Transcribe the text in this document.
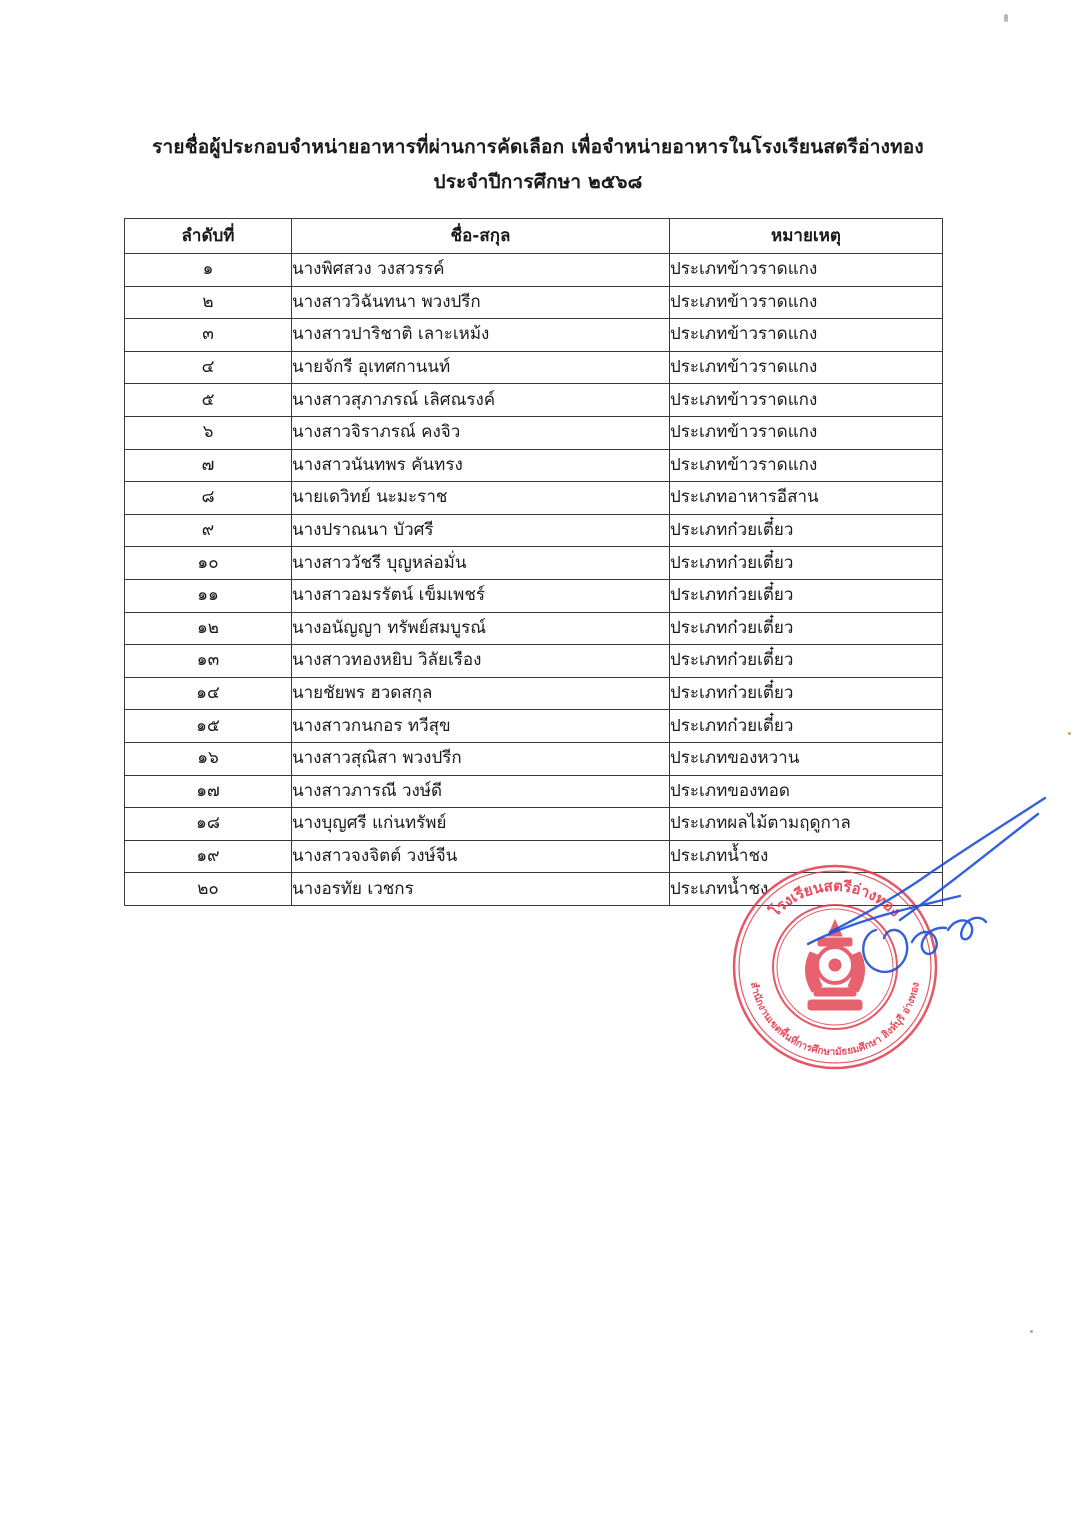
รายชื่อผู้ประกอบจำหน่ายอาหารที่ผ่านการคัดเลือก เพื่อจำหน่ายอาหารในโรงเรียนสตรีอ่างทอง
ประจำปีการศึกษา ๒๕๖๘
ลำดับที่	ชื่อ-สกุล	หมายเหตุ
๑	นางพิศสวง วงสวรรค์	ประเภทข้าวราดแกง
๒	นางสาววิฉันทนา พวงปรีก	ประเภทข้าวราดแกง
๓	นางสาวปาริชาติ เลาะเหม้ง	ประเภทข้าวราดแกง
๔	นายจักรี อุเทศกานนท์	ประเภทข้าวราดแกง
๕	นางสาวสุภาภรณ์ เลิศณรงค์	ประเภทข้าวราดแกง
๖	นางสาวจิราภรณ์ คงจิว	ประเภทข้าวราดแกง
๗	นางสาวนันทพร คันทรง	ประเภทข้าวราดแกง
๘	นายเดวิทย์ นะมะราช	ประเภทอาหารอีสาน
๙	นางปราณนา บัวศรี	ประเภทก๋วยเตี๋ยว
๑๐	นางสาววัชรี บุญหล่อมั่น	ประเภทก๋วยเตี๋ยว
๑๑	นางสาวอมรรัตน์ เข็มเพชร์	ประเภทก๋วยเตี๋ยว
๑๒	นางอนัญญา ทรัพย์สมบูรณ์	ประเภทก๋วยเตี๋ยว
๑๓	นางสาวทองหยิบ วิลัยเรือง	ประเภทก๋วยเตี๋ยว
๑๔	นายชัยพร ฮวดสกุล	ประเภทก๋วยเตี๋ยว
๑๕	นางสาวกนกอร ทวีสุข	ประเภทก๋วยเตี๋ยว
๑๖	นางสาวสุณิสา พวงปรีก	ประเภทของหวาน
๑๗	นางสาวภารณี วงษ์ดี	ประเภทของทอด
๑๘	นางบุญศรี แก่นทรัพย์	ประเภทผลไม้ตามฤดูกาล
๑๙	นางสาวจงจิตต์ วงษ์จีน	ประเภทน้ำชง
๒๐	นางอรทัย เวชกร	ประเภทน้ำชง
โรงเรียนสตรีอ่างทอง
สำนักงานเขตพื้นที่การศึกษามัธยมศึกษา สิงห์บุรี อ่างทอง
